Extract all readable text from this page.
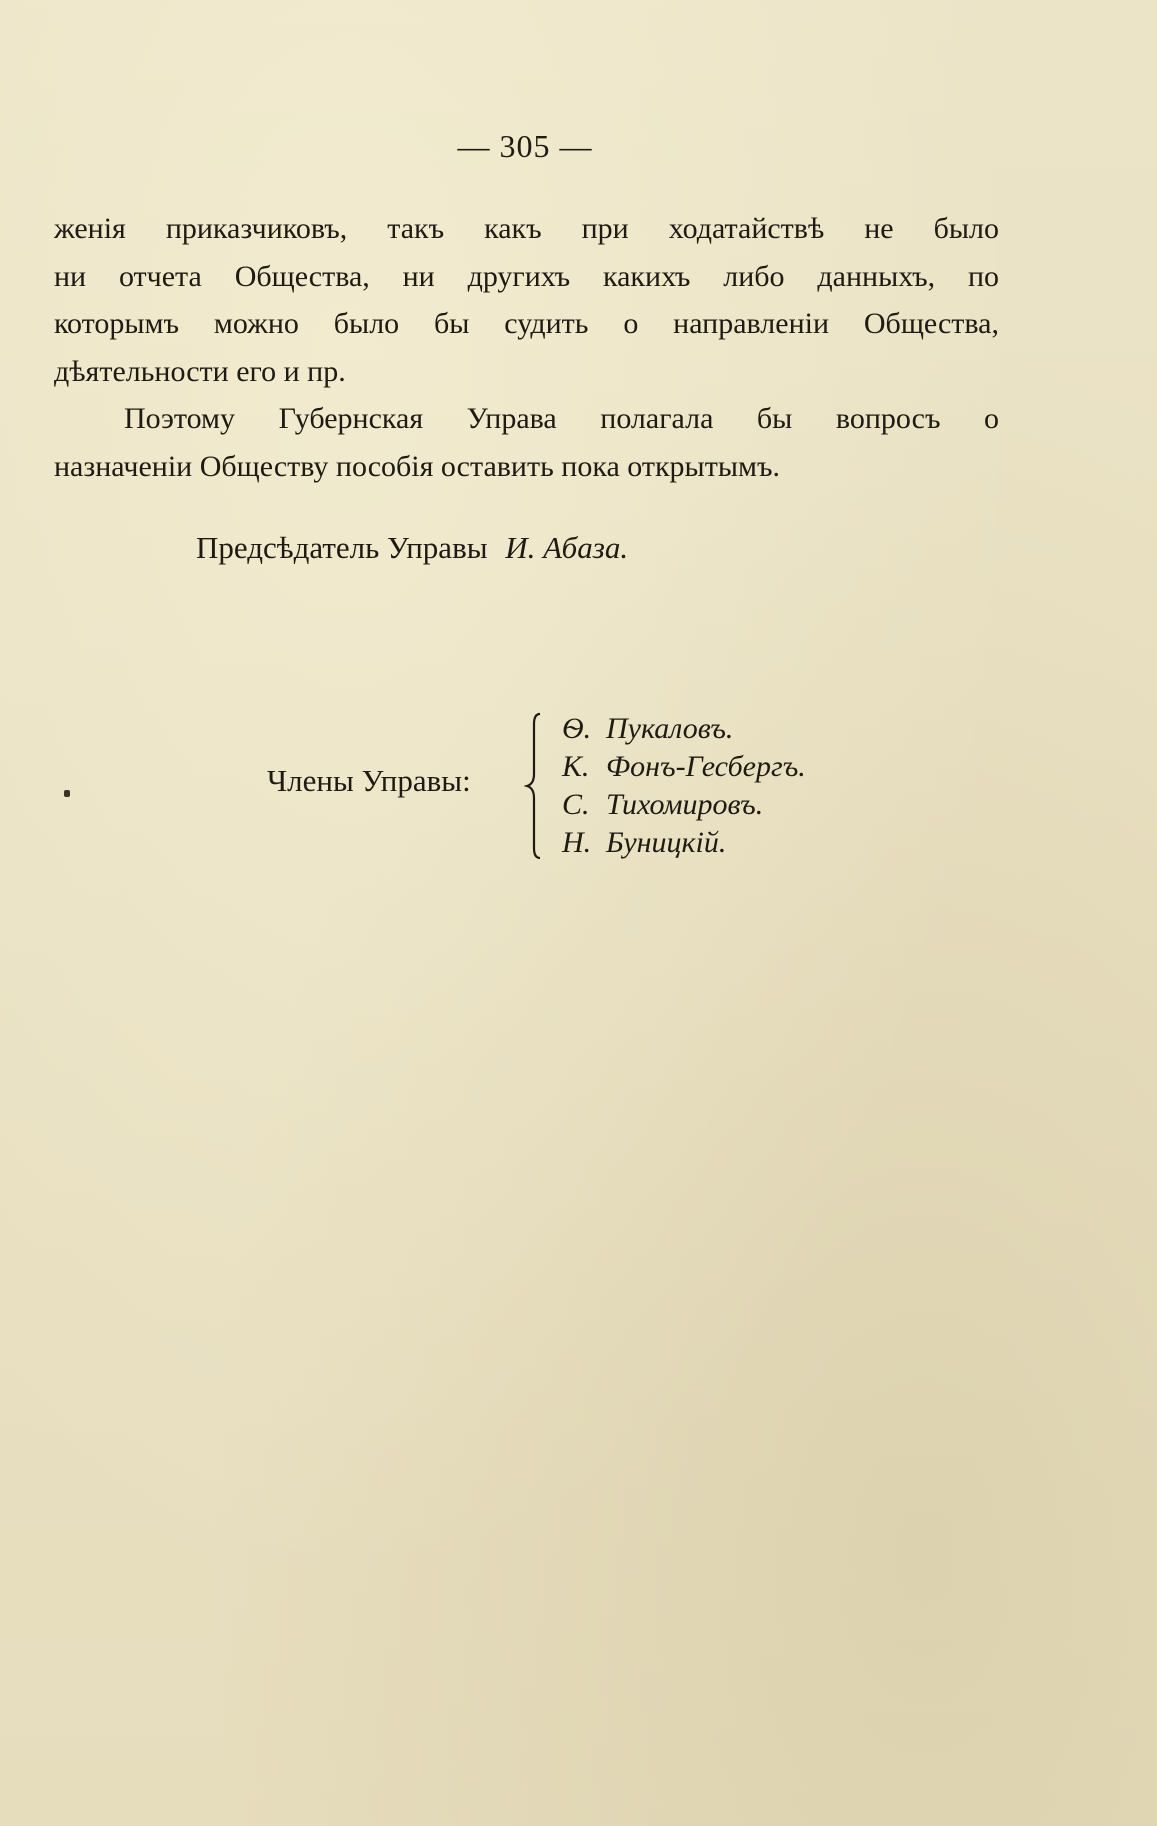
— 305 —
женія приказчиковъ, такъ какъ при ходатайствѣ не было
ни отчета Общества, ни другихъ какихъ либо данныхъ, по
которымъ можно было бы судить о направленіи Общества,
дѣятельности его и пр.
Поэтому Губернская Управа полагала бы вопросъ о
назначеніи Обществу пособія оставить пока открытымъ.
Предсѣдатель Управы И. Абаза.
Члены Управы:
Ѳ. Пукаловъ.
К. Фонъ-Гесбергъ.
С. Тихомировъ.
Н. Буницкій.
